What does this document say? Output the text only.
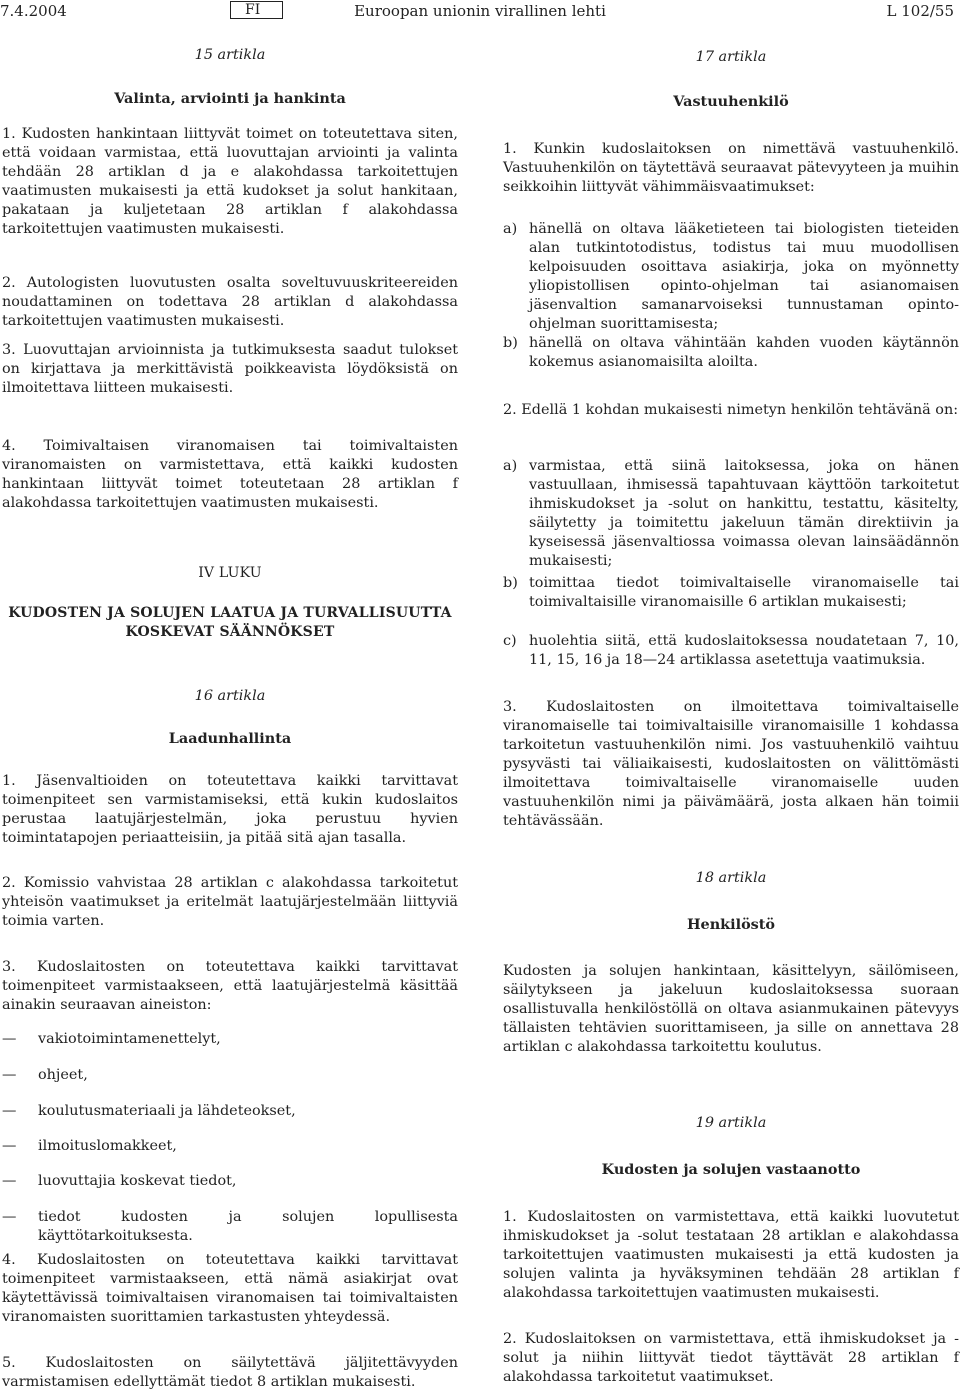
7.4.2004	FI	Euroopan unionin virallinen lehti	L 102/55

15 artikla

Valinta, arviointi ja hankinta

1. Kudosten hankintaan liittyvät toimet on toteutettava siten, että voidaan varmistaa, että luovuttajan arviointi ja valinta tehdään 28 artiklan d ja e alakohdassa tarkoitettujen vaatimusten mukaisesti ja että kudokset ja solut hankitaan, pakataan ja kuljetetaan 28 artiklan f alakohdassa tarkoitettujen vaatimusten mukaisesti.

2. Autologisten luovutusten osalta soveltuvuuskriteereiden noudattaminen on todettava 28 artiklan d alakohdassa tarkoitettujen vaatimusten mukaisesti.

3. Luovuttajan arvioinnista ja tutkimuksesta saadut tulokset on kirjattava ja merkittävistä poikkeavista löydöksistä on ilmoitettava liitteen mukaisesti.

4. Toimivaltaisen viranomaisen tai toimivaltaisten viranomaisten on varmistettava, että kaikki kudosten hankintaan liittyvät toimet toteutetaan 28 artiklan f alakohdassa tarkoitettujen vaatimusten mukaisesti.

IV LUKU

KUDOSTEN JA SOLUJEN LAATUA JA TURVALLISUUTTA

KOSKEVAT SÄÄNNÖKSET

16 artikla

Laadunhallinta

1. Jäsenvaltioiden on toteutettava kaikki tarvittavat toimenpiteet sen varmistamiseksi, että kukin kudoslaitos perustaa laatujärjestelmän, joka perustuu hyvien toimintatapojen periaatteisiin, ja pitää sitä ajan tasalla.

2. Komissio vahvistaa 28 artiklan c alakohdassa tarkoitetut yhteisön vaatimukset ja eritelmät laatujärjestelmään liittyviä toimia varten.

3. Kudoslaitosten on toteutettava kaikki tarvittavat toimenpiteet varmistaakseen, että laatujärjestelmä käsittää ainakin seuraavan aineiston:

—	vakiotoimintamenettelyt,
—	ohjeet,
—	koulutusmateriaali ja lähdeteokset,
—	ilmoituslomakkeet,
—	luovuttajia koskevat tiedot,
—	tiedot kudosten ja solujen lopullisesta käyttötarkoituksesta.

4. Kudoslaitosten on toteutettava kaikki tarvittavat toimenpiteet varmistaakseen, että nämä asiakirjat ovat käytettävissä toimivaltaisen viranomaisen tai toimivaltaisten viranomaisten suorittamien tarkastusten yhteydessä.

5. Kudoslaitosten on säilytettävä jäljitettävyyden varmistamisen edellyttämät tiedot 8 artiklan mukaisesti.

17 artikla

Vastuuhenkilö

1. Kunkin kudoslaitoksen on nimettävä vastuuhenkilö. Vastuuhenkilön on täytettävä seuraavat pätevyyteen ja muihin seikkoihin liittyvät vähimmäisvaatimukset:

a) hänellä on oltava lääketieteen tai biologisten tieteiden alan tutkintotodistus, todistus tai muu muodollisen kelpoisuuden osoittava asiakirja, joka on myönnetty yliopistollisen opinto-ohjelman tai asianomaisen jäsenvaltion samanarvoiseksi tunnustaman opinto-ohjelman suorittamisesta;
b) hänellä on oltava vähintään kahden vuoden käytännön kokemus asianomaisilta aloilta.

2. Edellä 1 kohdan mukaisesti nimetyn henkilön tehtävänä on:

a) varmistaa, että siinä laitoksessa, joka on hänen vastuullaan, ihmisessä tapahtuvaan käyttöön tarkoitetut ihmiskudokset ja -solut on hankittu, testattu, käsitelty, säilytetty ja toimitettu jakeluun tämän direktiivin ja kyseisessä jäsenvaltiossa voimassa olevan lainsäädännön mukaisesti;
b) toimittaa tiedot toimivaltaiselle viranomaiselle tai toimivaltaisille viranomaisille 6 artiklan mukaisesti;
c) huolehtia siitä, että kudoslaitoksessa noudatetaan 7, 10, 11, 15, 16 ja 18—24 artiklassa asetettuja vaatimuksia.

3. Kudoslaitosten on ilmoitettava toimivaltaiselle viranomaiselle tai toimivaltaisille viranomaisille 1 kohdassa tarkoitetun vastuuhenkilön nimi. Jos vastuuhenkilö vaihtuu pysyvästi tai väliaikaisesti, kudoslaitosten on välittömästi ilmoitettava toimivaltaiselle viranomaiselle uuden vastuuhenkilön nimi ja päivämäärä, josta alkaen hän toimii tehtävässään.

18 artikla

Henkilöstö

Kudosten ja solujen hankintaan, käsittelyyn, säilömiseen, säilytykseen ja jakeluun kudoslaitoksessa suoraan osallistuvalla henkilöstöllä on oltava asianmukainen pätevyys tällaisten tehtävien suorittamiseen, ja sille on annettava 28 artiklan c alakohdassa tarkoitettu koulutus.

19 artikla

Kudosten ja solujen vastaanotto

1. Kudoslaitosten on varmistettava, että kaikki luovutetut ihmiskudokset ja -solut testataan 28 artiklan e alakohdassa tarkoitettujen vaatimusten mukaisesti ja että kudosten ja solujen valinta ja hyväksyminen tehdään 28 artiklan f alakohdassa tarkoitettujen vaatimusten mukaisesti.

2. Kudoslaitoksen on varmistettava, että ihmiskudokset ja -solut ja niihin liittyvät tiedot täyttävät 28 artiklan f alakohdassa tarkoitetut vaatimukset.
